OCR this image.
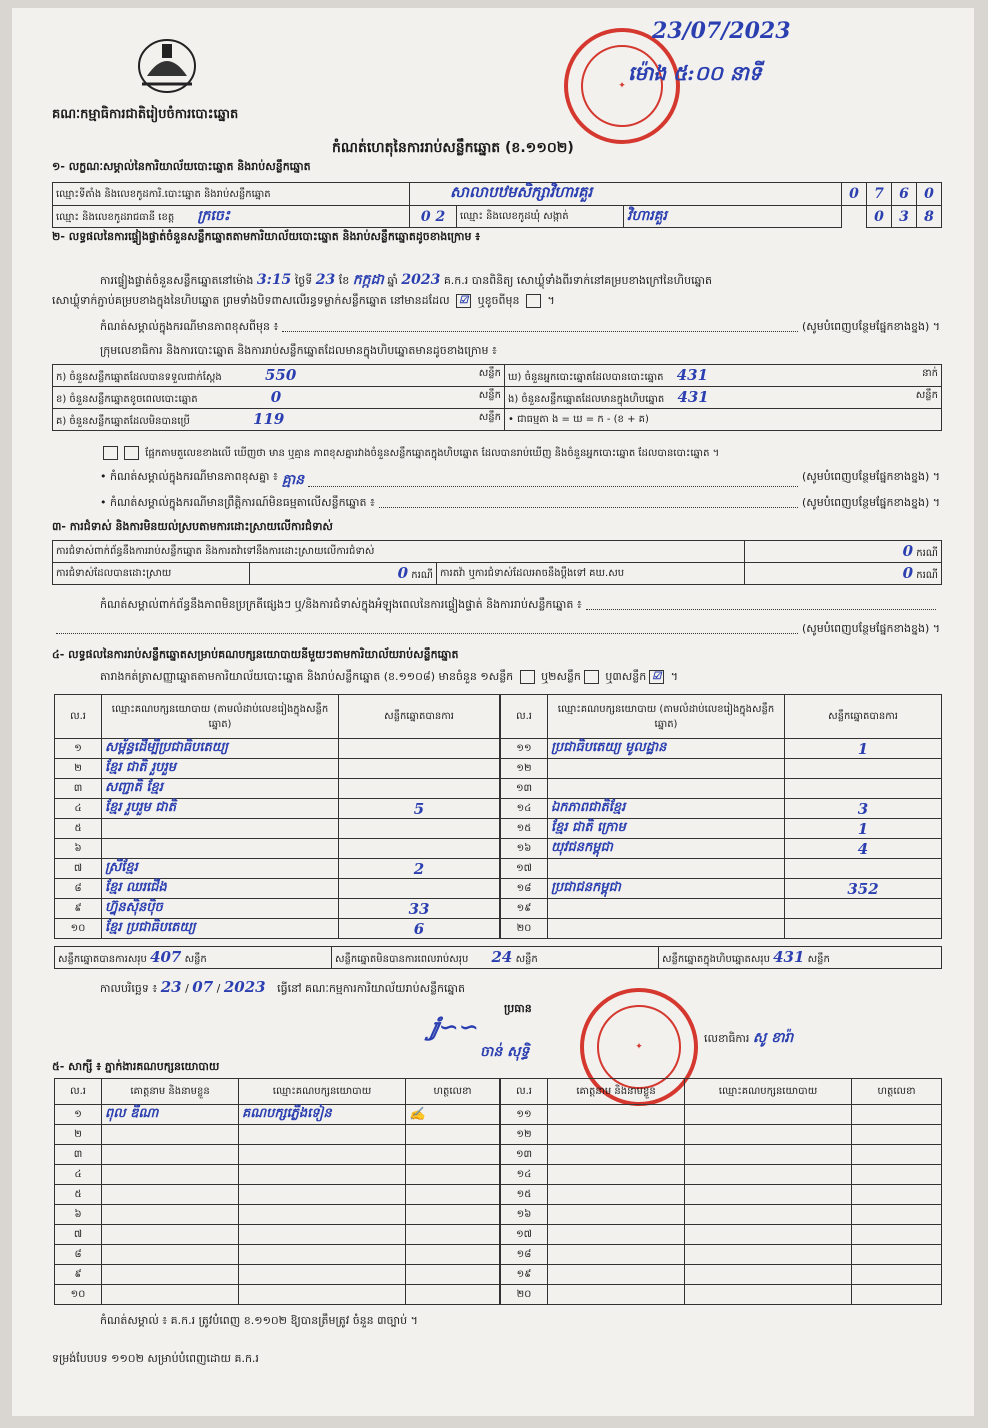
គណៈកម្មាធិការជាតិរៀបចំការបោះឆ្នោត
✦
23/07/2023
ម៉ោង ៥:០០ នាទី
កំណត់ហេតុនៃការរាប់សន្លឹកឆ្នោត (ខ.១១០២)
១- លក្ខណៈសម្គាល់នៃការិយាល័យបោះឆ្នោត និងរាប់សន្លឹកឆ្នោត
ឈ្មោះទីតាំង និងលេខកូដការិ.បោះឆ្នោត និងរាប់សន្លឹកឆ្នោត	សាលាបឋមសិក្សាវិហារគួរ			0	7	6	0
ឈ្មោះ និងលេខកូដរាជធានី ខេត្ត ក្រចេះ	0 2	ឈ្មោះ និងលេខកូដឃុំ សង្កាត់	វិហារគួរ		0	3	8
២- លទ្ធផលនៃការផ្ទៀងផ្ទាត់ចំនួនសន្លឹកឆ្នោតតាមការិយាល័យបោះឆ្នោត និងរាប់សន្លឹកឆ្នោតដូចខាងក្រោម ៖
ការផ្ទៀងផ្ទាត់ចំនួនសន្លឹកឆ្នោតនៅម៉ោង 3:15 ថ្ងៃទី 23 ខែ កក្កដា ឆ្នាំ 2023 គ.ក.រ បានពិនិត្យ សោឃ្លុំទាំងពីរទាក់នៅគម្របខាងក្រៅនៃហិបឆ្នោត
សោឃ្លុំទាក់ភ្ជាប់គម្របខាងក្នុងនៃហិបឆ្នោត ព្រមទាំងបិទពាសលើរន្ធទម្លាក់សន្លឹកឆ្នោត នៅមានដដែល ☑ ឬខូចពីមុន  ។
កំណត់សម្គាល់ក្នុងករណីមានភាពខុសពីមុន ៖	(សូមបំពេញបន្ថែមផ្នែកខាងខ្នង) ។
ក្រុមលេខាធិការ និងការបោះឆ្នោត និងការរាប់សន្លឹកឆ្នោតដែលមានក្នុងហិបឆ្នោតមានដូចខាងក្រោម ៖
ក) ចំនួនសន្លឹកឆ្នោតដែលបានទទួលជាក់ស្តែង 550 សន្លឹក	ឃ) ចំនួនអ្នកបោះឆ្នោតដែលបានបោះឆ្នោត 431 នាក់

ខ) ចំនួនសន្លឹកឆ្នោតខូចពេលបោះឆ្នោត 0 សន្លឹក	ង) ចំនួនសន្លឹកឆ្នោតដែលមានក្នុងហិបឆ្នោត 431 សន្លឹក

គ) ចំនួនសន្លឹកឆ្នោតដែលមិនបានប្រើ 119 សន្លឹក	• ជាធម្មតា ង = ឃ = ក - (ខ + គ)
ផ្អែកតាមតួលេខខាងលើ ឃើញថា មាន ឬគ្មាន ភាពខុសគ្នារវាងចំនួនសន្លឹកឆ្នោតក្នុងហិបឆ្នោត ដែលបានរាប់ឃើញ និងចំនួនអ្នកបោះឆ្នោត ដែលបានបោះឆ្នោត ។
• កំណត់សម្គាល់ក្នុងករណីមានភាពខុសគ្នា ៖ គ្មាន	(សូមបំពេញបន្ថែមផ្នែកខាងខ្នង) ។
• កំណត់សម្គាល់ក្នុងករណីមានព្រឹត្តិការណ៍មិនធម្មតាលើសន្លឹកឆ្នោត ៖	(សូមបំពេញបន្ថែមផ្នែកខាងខ្នង) ។
៣- ការជំទាស់ និងការមិនយល់ស្របតាមការដោះស្រាយលើការជំទាស់
ការជំទាស់ពាក់ព័ន្ធនឹងការរាប់សន្លឹកឆ្នោត និងការតវ៉ាទៅនឹងការដោះស្រាយលើការជំទាស់			0 ករណី
ការជំទាស់ដែលបានដោះស្រាយ	0 ករណី	ការតវ៉ា ឬការជំទាស់ដែលអាចនឹងប្ដឹងទៅ គឃ.សប	0 ករណី
កំណត់សម្គាល់ពាក់ព័ន្ធនឹងភាពមិនប្រក្រតីផ្សេងៗ ឬ/និងការជំទាស់ក្នុងអំឡុងពេលនៃការផ្ទៀងផ្ទាត់ និងការរាប់សន្លឹកឆ្នោត ៖
(សូមបំពេញបន្ថែមផ្នែកខាងខ្នង) ។
៤- លទ្ធផលនៃការរាប់សន្លឹកឆ្នោតសម្រាប់គណបក្សនយោបាយនីមួយៗតាមការិយាល័យរាប់សន្លឹកឆ្នោត
តារាងកត់ត្រាសញ្ញាឆ្នោតតាមការិយាល័យបោះឆ្នោត និងរាប់សន្លឹកឆ្នោត (ខ.១១០៨) មានចំនួន ១សន្លឹក	ឬ២សន្លឹក ឬ៣សន្លឹក ☑ ។
ល.រ	ឈ្មោះគណបក្សនយោបាយ (តាមលំដាប់លេខរៀងក្នុងសន្លឹកឆ្នោត)	សន្លឹកឆ្នោតបានការ
១	សម្ព័ន្ធដើម្បីប្រជាធិបតេយ្យ	
២	ខ្មែរ ជាតិ រួបរួម	
៣	សញ្ជាតិ ខ្មែរ	
៤	ខ្មែរ រួបរួម ជាតិ	5
៥		
៦		
៧	ស្រីខ្មែរ	2
៨	ខ្មែរ ឈរជើង	
៩	ហ្វ៊ុនស៊ិនប៉ិច	33
១០	ខ្មែរ ប្រជាធិបតេយ្យ	6
ល.រ	ឈ្មោះគណបក្សនយោបាយ (តាមលំដាប់លេខរៀងក្នុងសន្លឹកឆ្នោត)	សន្លឹកឆ្នោតបានការ
១១	ប្រជាធិបតេយ្យ មូលដ្ឋាន	1
១២		
១៣		
១៤	ឯកភាពជាតិខ្មែរ	3
១៥	ខ្មែរ ជាតិ ក្រោម	1
១៦	យុវជនកម្ពុជា	4
១៧		
១៨	ប្រជាជនកម្ពុជា	352
១៩		
២០		
សន្លឹកឆ្នោតបានការសរុប 407 សន្លឹក	សន្លឹកឆ្នោតមិនបានការពេលរាប់សរុប 24 សន្លឹក	សន្លឹកឆ្នោតក្នុងហិបឆ្នោតសរុប 431 សន្លឹក
កាលបរិច្ឆេទ ៖ 23 / 07 / 2023 ធ្វើនៅ គណៈកម្មការការិយាល័យរាប់សន្លឹកឆ្នោត
ប្រធាន
ⅉ∽∽
ចាន់ សុទ្ធិ	✦
លេខាធិការ សូ ខារ៉ា
៥- សាក្សី ៖ ភ្នាក់ងារគណបក្សនយោបាយ
ល.រ	គោត្តនាម និងនាមខ្លួន	ឈ្មោះគណបក្សនយោបាយ	ហត្ថលេខា
១	ពុល ឌីណា	គណបក្សភ្លើងទៀន	✍
២			
៣			
៤			
៥			
៦			
៧			
៨			
៩			
១០			
ល.រ	គោត្តនាម និងនាមខ្លួន	ឈ្មោះគណបក្សនយោបាយ	ហត្ថលេខា
១១			
១២			
១៣			
១៤			
១៥			
១៦			
១៧			
១៨			
១៩			
២០			
កំណត់សម្គាល់ ៖ គ.ក.រ ត្រូវបំពេញ ខ.១១០២ ឱ្យបានត្រឹមត្រូវ ចំនួន ៣ច្បាប់ ។
ទម្រង់បែបបទ ១១០២ សម្រាប់បំពេញដោយ គ.ក.រ
